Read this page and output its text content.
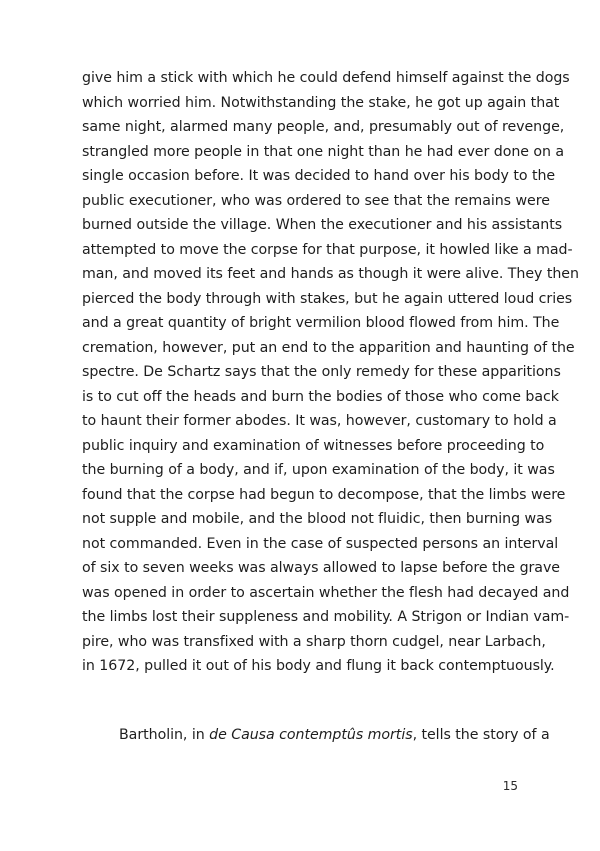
give him a stick with which he could defend himself against the dogs
which worried him. Notwithstanding the stake, he got up again that
same night, alarmed many people, and, presumably out of revenge,
strangled more people in that one night than he had ever done on a
single occasion before. It was decided to hand over his body to the
public executioner, who was ordered to see that the remains were
burned outside the village. When the executioner and his assistants
attempted to move the corpse for that purpose, it howled like a mad-
man, and moved its feet and hands as though it were alive. They then
pierced the body through with stakes, but he again uttered loud cries
and a great quantity of bright vermilion blood flowed from him. The
cremation, however, put an end to the apparition and haunting of the
spectre. De Schartz says that the only remedy for these apparitions
is to cut off the heads and burn the bodies of those who come back
to haunt their former abodes. It was, however, customary to hold a
public inquiry and examination of witnesses before proceeding to
the burning of a body, and if, upon examination of the body, it was
found that the corpse had begun to decompose, that the limbs were
not supple and mobile, and the blood not fluidic, then burning was
not commanded. Even in the case of suspected persons an interval
of six to seven weeks was always allowed to lapse before the grave
was opened in order to ascertain whether the flesh had decayed and
the limbs lost their suppleness and mobility. A Strigon or Indian vam-
pire, who was transfixed with a sharp thorn cudgel, near Larbach,
in 1672, pulled it out of his body and flung it back contemptuously.
Bartholin, in de Causa contemptûs mortis, tells the story of a
15
